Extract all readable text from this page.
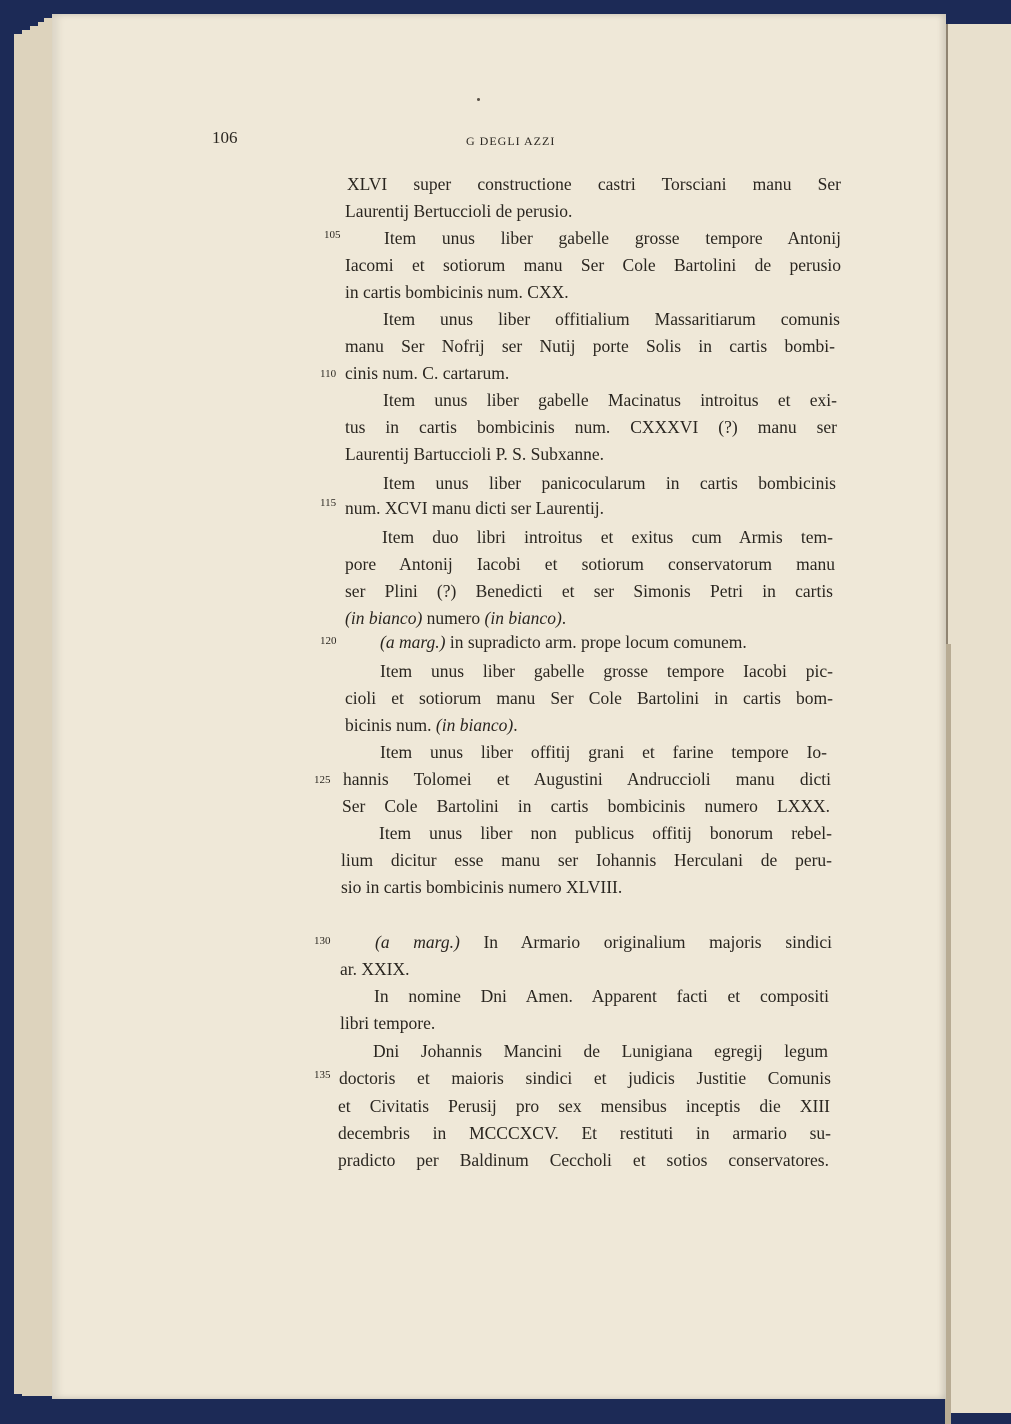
106	G DEGLI AZZI
XLVI super constructione castri Torsciani manu Ser
Laurentij Bertuccioli de perusio.
Item unus liber gabelle grosse tempore Antonij
Iacomi et sotiorum manu Ser Cole Bartolini de perusio
in cartis bombicinis num. CXX.
Item unus liber offitialium Massaritiarum comunis
manu Ser Nofrij ser Nutij porte Solis in cartis bombi-
cinis num. C. cartarum.
Item unus liber gabelle Macinatus introitus et exi-
tus in cartis bombicinis num. CXXXVI (?) manu ser
Laurentij Bartuccioli P. S. Subxanne.
Item unus liber panicocularum in cartis bombicinis
num. XCVI manu dicti ser Laurentij.
Item duo libri introitus et exitus cum Armis tem-
pore Antonij Iacobi et sotiorum conservatorum manu
ser Plini (?) Benedicti et ser Simonis Petri in cartis
(in bianco) numero (in bianco).
(a marg.) in supradicto arm. prope locum comunem.
Item unus liber gabelle grosse tempore Iacobi pic-
cioli et sotiorum manu Ser Cole Bartolini in cartis bom-
bicinis num. (in bianco).
Item unus liber offitij grani et farine tempore Io-
hannis Tolomei et Augustini Andruccioli manu dicti
Ser Cole Bartolini in cartis bombicinis numero LXXX.
Item unus liber non publicus offitij bonorum rebel-
lium dicitur esse manu ser Iohannis Herculani de peru-
sio in cartis bombicinis numero XLVIII.
(a marg.) In Armario originalium majoris sindici
ar. XXIX.
In nomine Dni Amen. Apparent facti et compositi
libri tempore.
Dni Johannis Mancini de Lunigiana egregij legum
doctoris et maioris sindici et judicis Justitie Comunis
et Civitatis Perusij pro sex mensibus inceptis die XIII
decembris in MCCCXCV. Et restituti in armario su-
pradicto per Baldinum Ceccholi et sotios conservatores.
105
110
115
120
125
130
135
